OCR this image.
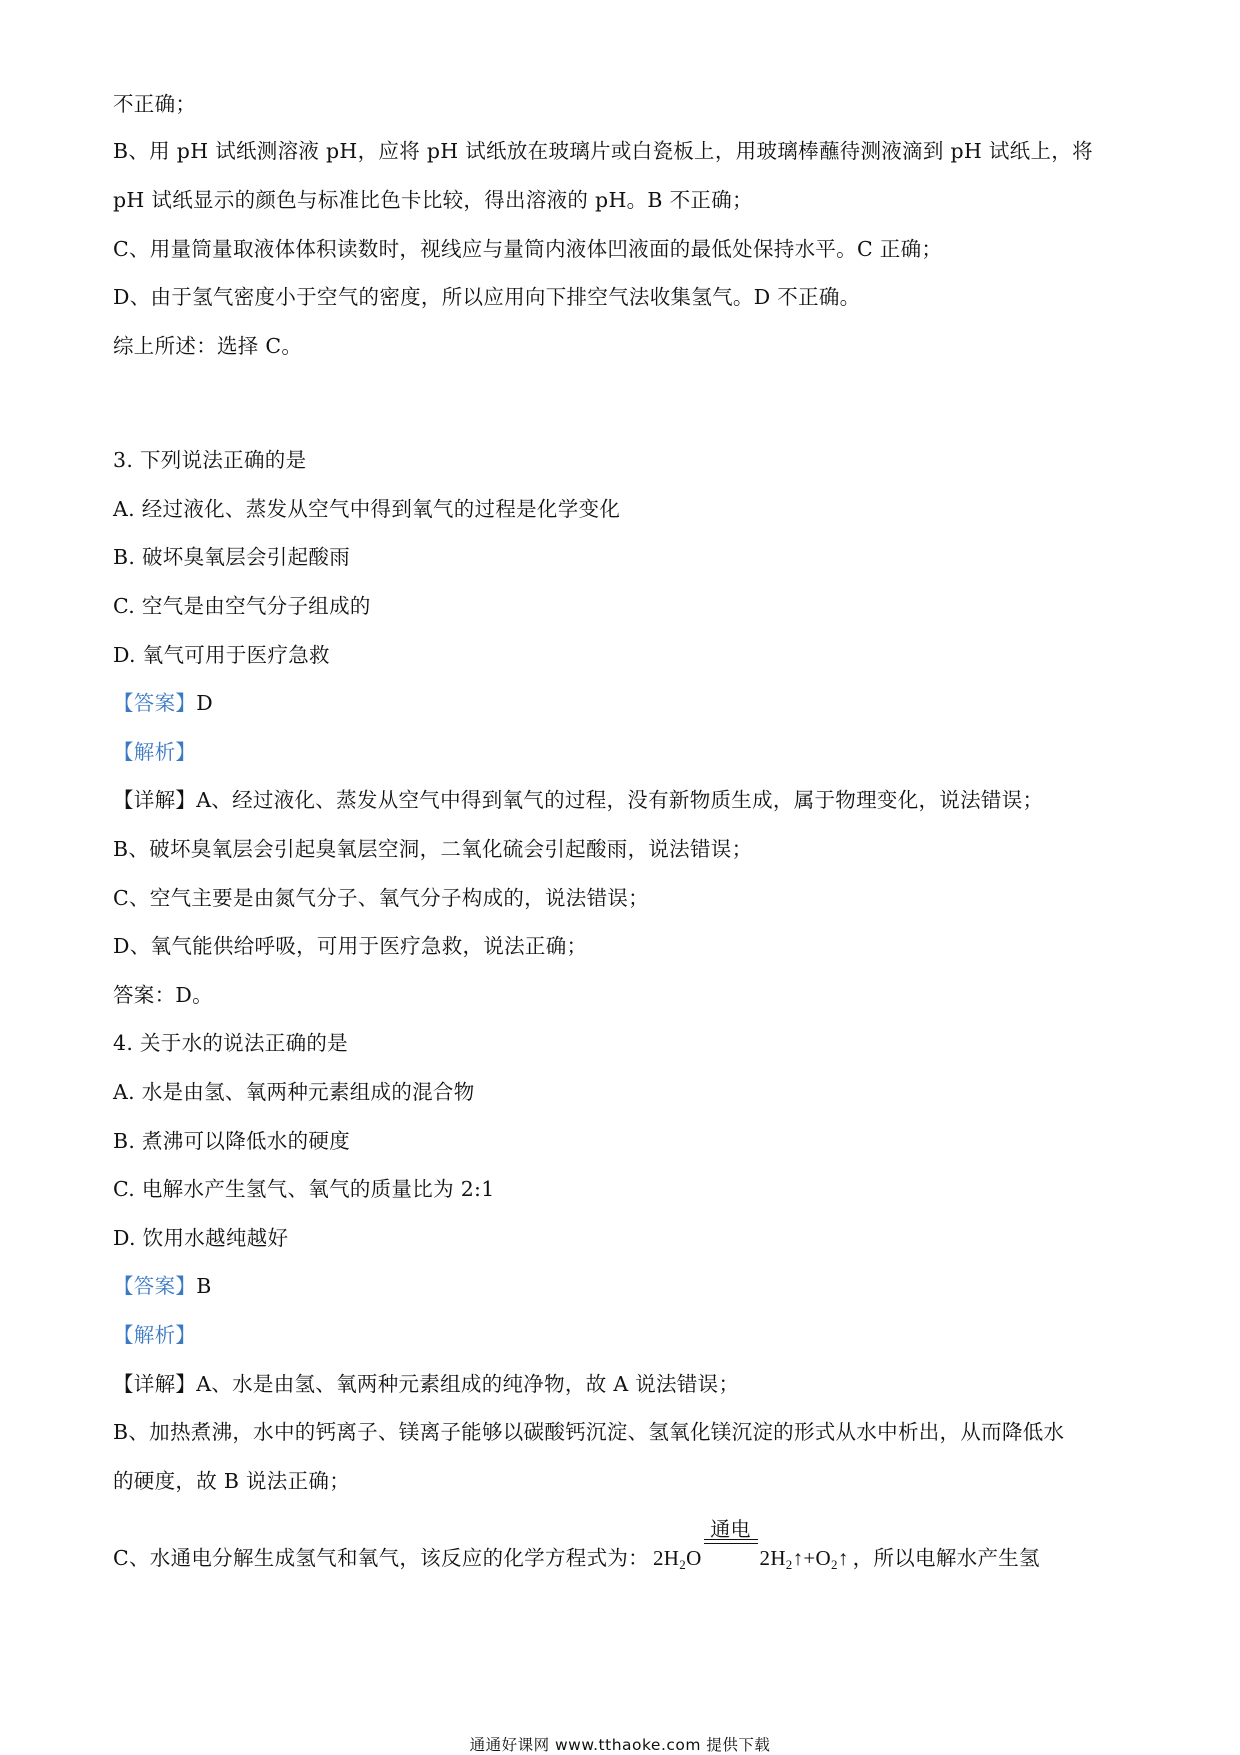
不正确；
B、用 pH 试纸测溶液 pH，应将 pH 试纸放在玻璃片或白瓷板上，用玻璃棒蘸待测液滴到 pH 试纸上，将
pH 试纸显示的颜色与标准比色卡比较，得出溶液的 pH。B 不正确；
C、用量筒量取液体体积读数时，视线应与量筒内液体凹液面的最低处保持水平。C 正确；
D、由于氢气密度小于空气的密度，所以应用向下排空气法收集氢气。D 不正确。
综上所述：选择 C。
3. 下列说法正确的是
A. 经过液化、蒸发从空气中得到氧气的过程是化学变化
B. 破坏臭氧层会引起酸雨
C. 空气是由空气分子组成的
D. 氧气可用于医疗急救
【答案】D
【解析】
【详解】A、经过液化、蒸发从空气中得到氧气的过程，没有新物质生成，属于物理变化，说法错误；
B、破坏臭氧层会引起臭氧层空洞，二氧化硫会引起酸雨，说法错误；
C、空气主要是由氮气分子、氧气分子构成的，说法错误；
D、氧气能供给呼吸，可用于医疗急救，说法正确；
答案：D。
4. 关于水的说法正确的是
A. 水是由氢、氧两种元素组成的混合物
B. 煮沸可以降低水的硬度
C. 电解水产生氢气、氧气的质量比为 2:1
D. 饮用水越纯越好
【答案】B
【解析】
【详解】A、水是由氢、氧两种元素组成的纯净物，故 A 说法错误；
B、加热煮沸，水中的钙离子、镁离子能够以碳酸钙沉淀、氢氧化镁沉淀的形式从水中析出，从而降低水
的硬度，故 B 说法正确；
C、水通电分解生成氢气和氧气，该反应的化学方程式为： $2H_2O$
通电
$2H_2↑+O_2↑$ ，所以电解水产生氢
通通好课网 www.tthaoke.com 提供下载
